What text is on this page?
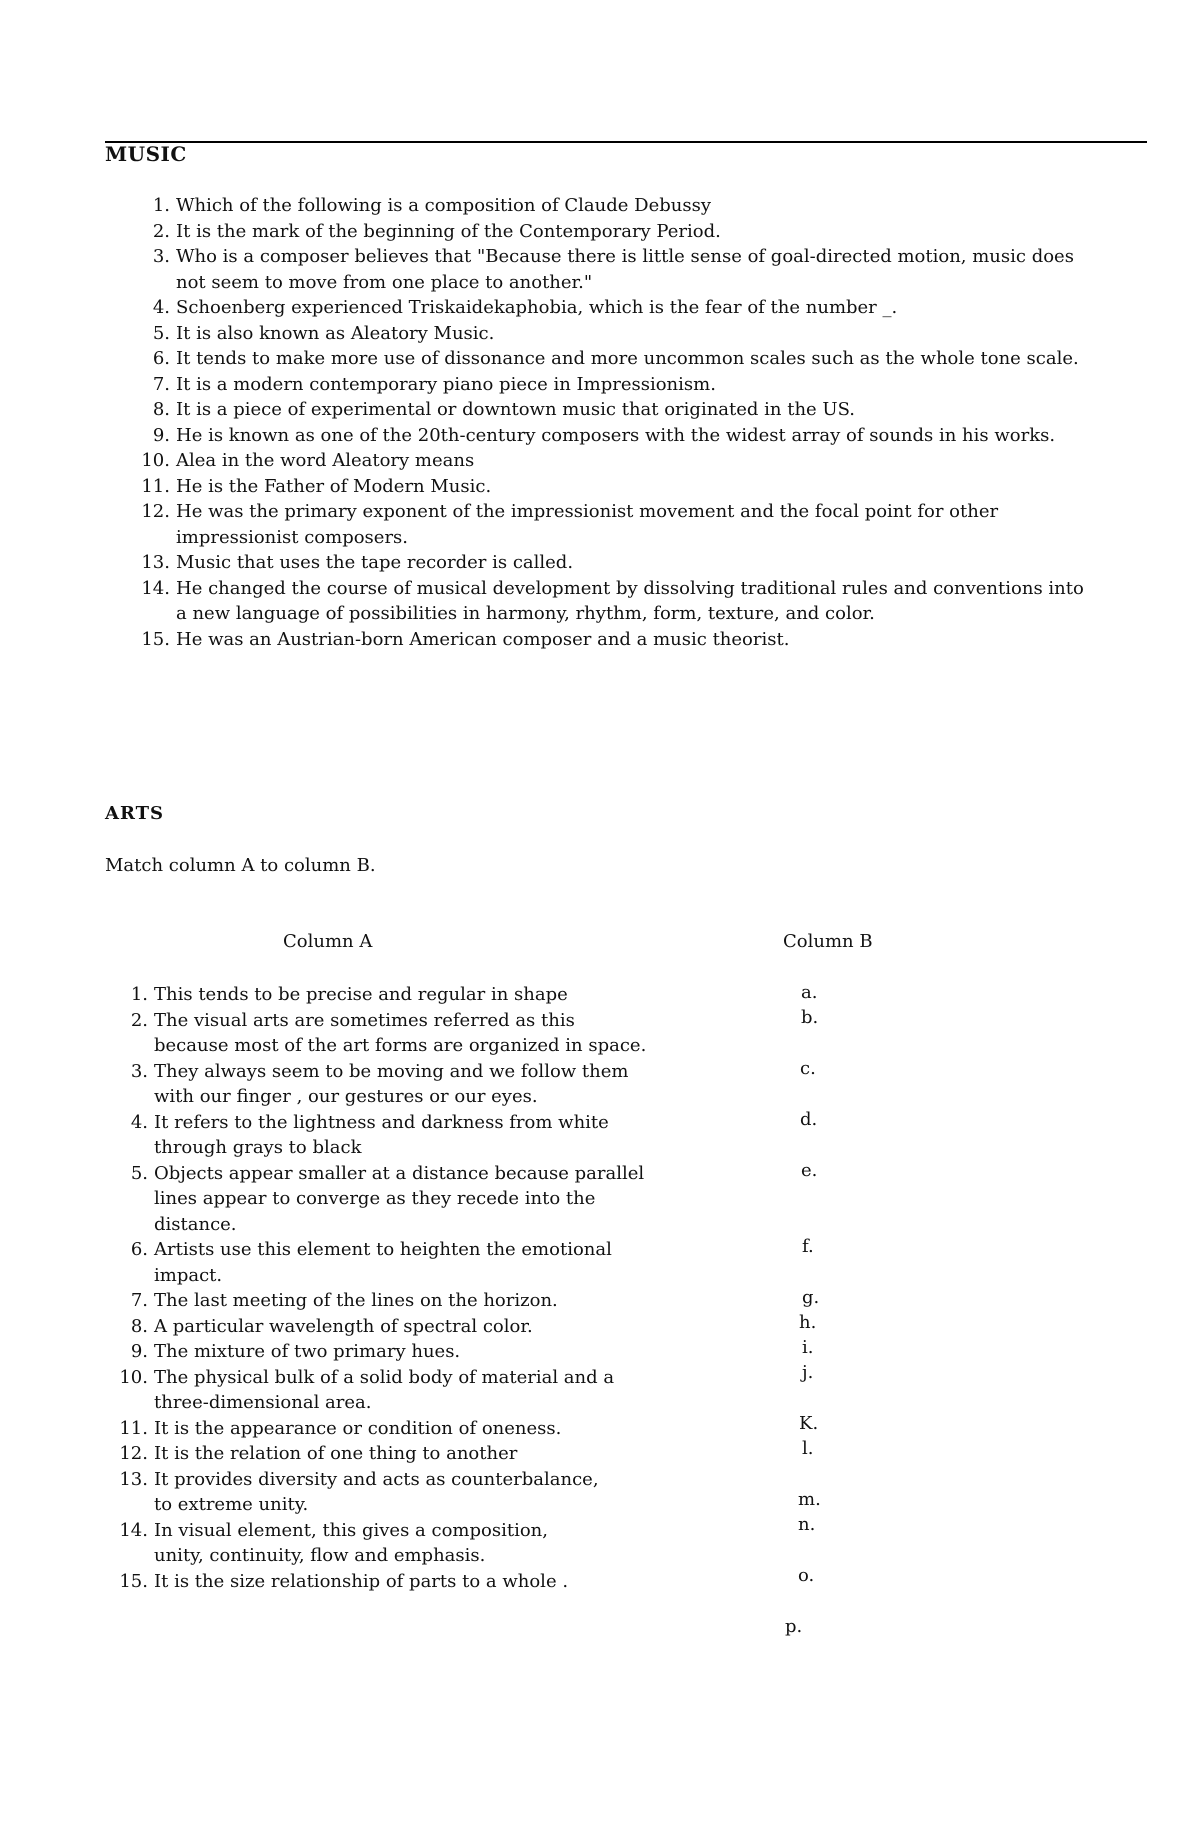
MUSIC
1. Which of the following is a composition of Claude Debussy
2. It is the mark of the beginning of the Contemporary Period.
3. Who is a composer believes that "Because there is little sense of goal-directed motion, music does not seem to move from one place to another."
4. Schoenberg experienced Triskaidekaphobia, which is the fear of the number _.
5. It is also known as Aleatory Music.
6. It tends to make more use of dissonance and more uncommon scales such as the whole tone scale.
7. It is a modern contemporary piano piece in Impressionism.
8. It is a piece of experimental or downtown music that originated in the US.
9. He is known as one of the 20th-century composers with the widest array of sounds in his works.
10. Alea in the word Aleatory means
11. He is the Father of Modern Music.
12. He was the primary exponent of the impressionist movement and the focal point for other impressionist composers.
13. Music that uses the tape recorder is called.
14. He changed the course of musical development by dissolving traditional rules and conventions into a new language of possibilities in harmony, rhythm, form, texture, and color.
15. He was an Austrian-born American composer and a music theorist.
ARTS
Match column A to column B.
Column A	Column B
1. This tends to be precise and regular in shape
2. The visual arts are sometimes referred as this
because most of the art forms are organized in space.
3. They always seem to be moving and we follow them
with our finger , our gestures or our eyes.
4. It refers to the lightness and darkness from white
through grays to black
5. Objects appear smaller at a distance because parallel
lines appear to converge as they recede into the
distance.
6. Artists use this element to heighten the emotional
impact.
7. The last meeting of the lines on the horizon.
8. A particular wavelength of spectral color.
9. The mixture of two primary hues.
10. The physical bulk of a solid body of material and a
three-dimensional area.
11. It is the appearance or condition of oneness.
12. It is the relation of one thing to another
13. It provides diversity and acts as counterbalance,
to extreme unity.
14. In visual element, this gives a composition,
unity, continuity, flow and emphasis.
15. It is the size relationship of parts to a whole .
a.
b.
c.
d.
e.
f.
g.
h.
i.
j.
K.
l.
m.
n.
o.
p.
